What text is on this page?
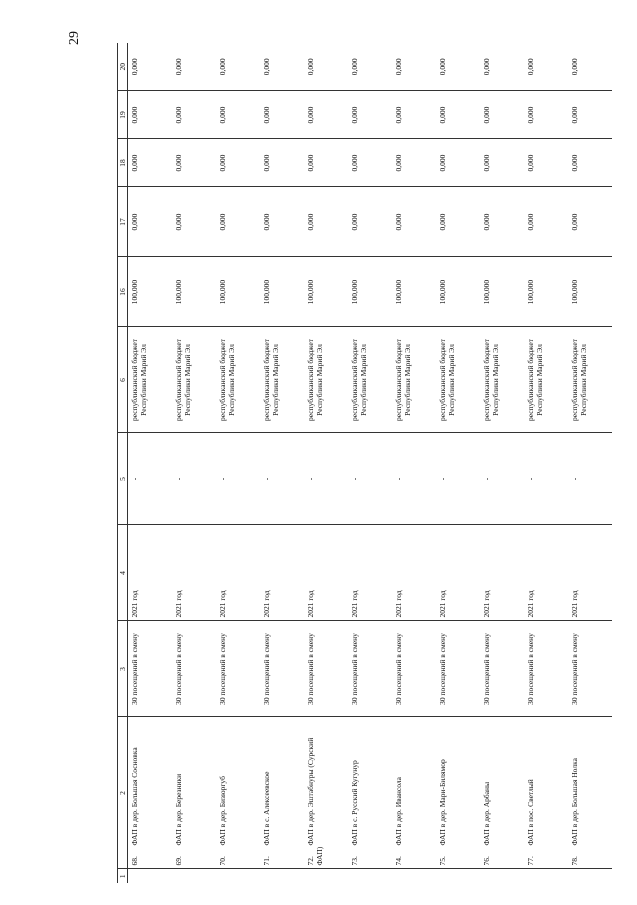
29
1	2	3	4	5	6	16	17	18	19	20
	68.ФАП в дер. Большая Сосновка	30 посещений в смену	2021 год	-	республиканский бюджет Республики Марий Эл	100,000	0,000	0,000	0,000	0,000
	69.ФАП в дер. Березники	30 посещений в смену	2021 год	-	республиканский бюджет Республики Марий Эл	100,000	0,000	0,000	0,000	0,000
	70.ФАП в дер. Бизюргуб	30 посещений в смену	2021 год	-	республиканский бюджет Республики Марий Эл	100,000	0,000	0,000	0,000	0,000
	71.ФАП в с. Алексеевское	30 посещений в смену	2021 год	-	республиканский бюджет Республики Марий Эл	100,000	0,000	0,000	0,000	0,000
	72.ФАП в дер. Эштабнуры (Сурский ФАП)	30 посещений в смену	2021 год	-	республиканский бюджет Республики Марий Эл	100,000	0,000	0,000	0,000	0,000
	73.ФАП в с. Русский Кугунур	30 посещений в смену	2021 год	-	республиканский бюджет Республики Марий Эл	100,000	0,000	0,000	0,000	0,000
	74.ФАП в дер. Ивансола	30 посещений в смену	2021 год	-	республиканский бюджет Республики Марий Эл	100,000	0,000	0,000	0,000	0,000
	75.ФАП в дер. Мари-Билямор	30 посещений в смену	2021 год	-	республиканский бюджет Республики Марий Эл	100,000	0,000	0,000	0,000	0,000
	76.ФАП в дер. Арбаны	30 посещений в смену	2021 год	-	республиканский бюджет Республики Марий Эл	100,000	0,000	0,000	0,000	0,000
	77.ФАП в пос. Светлый	30 посещений в смену	2021 год	-	республиканский бюджет Республики Марий Эл	100,000	0,000	0,000	0,000	0,000
	78.ФАП в дер. Большая Нолка	30 посещений в смену	2021 год	-	республиканский бюджет Республики Марий Эл	100,000	0,000	0,000	0,000	0,000
